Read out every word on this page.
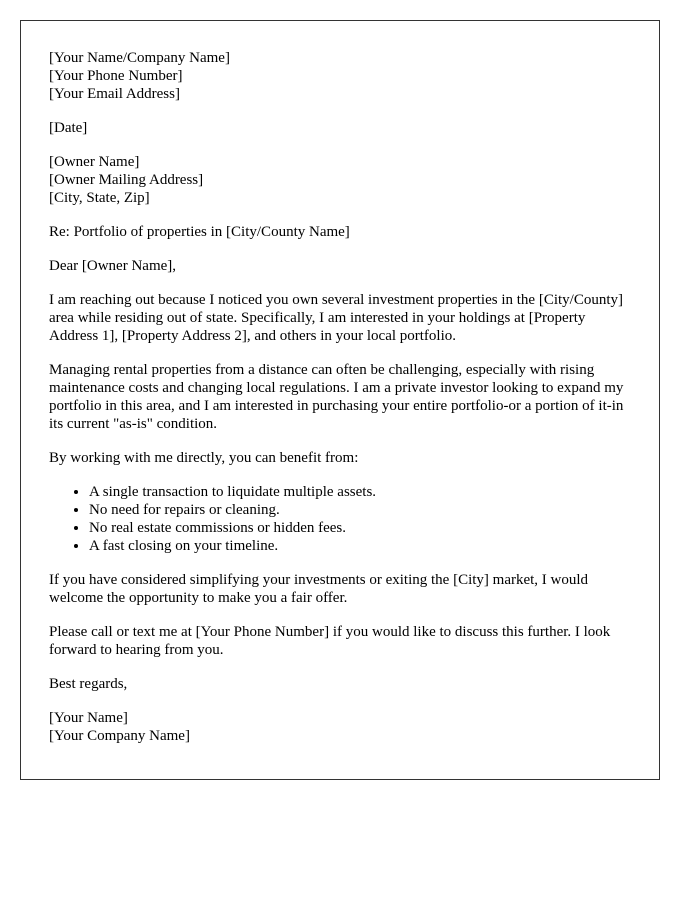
[Your Name/Company Name]
[Your Phone Number]
[Your Email Address]
[Date]
[Owner Name]
[Owner Mailing Address]
[City, State, Zip]

Re: Portfolio of properties in [City/County Name]

Dear [Owner Name],

I am reaching out because I noticed you own several investment properties in the [City/County] area while residing out of state. Specifically, I am interested in your holdings at [Property Address 1], [Property Address 2], and others in your local portfolio.

Managing rental properties from a distance can often be challenging, especially with rising maintenance costs and changing local regulations. I am a private investor looking to expand my portfolio in this area, and I am interested in purchasing your entire portfolio-or a portion of it-in its current "as-is" condition.

By working with me directly, you can benefit from:

• A single transaction to liquidate multiple assets.
• No need for repairs or cleaning.
• No real estate commissions or hidden fees.
• A fast closing on your timeline.

If you have considered simplifying your investments or exiting the [City] market, I would welcome the opportunity to make you a fair offer.

Please call or text me at [Your Phone Number] if you would like to discuss this further. I look forward to hearing from you.

Best regards,

[Your Name]
[Your Company Name]
